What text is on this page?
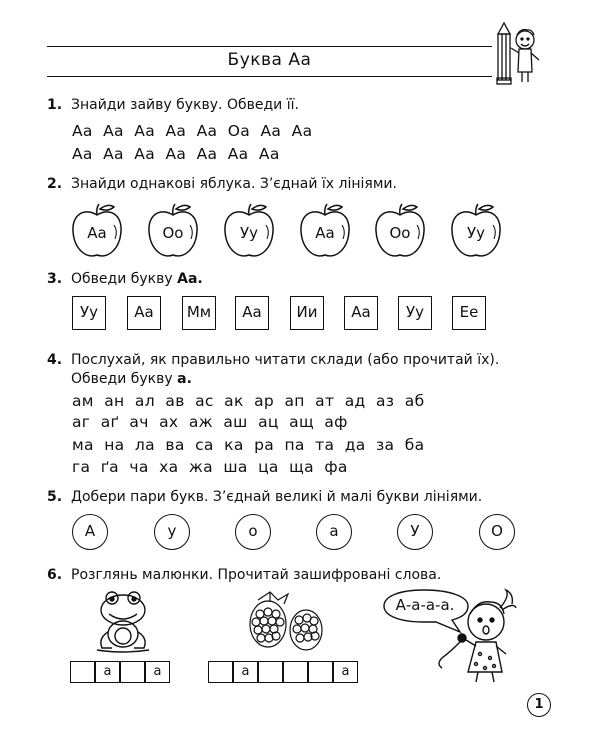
Буква Аа
1. Знайди зайву букву. Обведи її.
Аа  Аа  Аа  Аа  Аа  Оа  Аа  Аа
Аа  Аа  Аа  Аа  Аа  Аа  Аа
2. Знайди однакові яблука. З’єднай їх лініями.
Аа	Оо	Уу	Аа	Оо	Уу
3. Обведи букву Аа.
Уу	Аа	Мм	Аа	Ии	Аа	Уу	Ее
4. Послухай, як правильно читати склади (або прочитай їх).
Обведи букву а.
ам  ан  ал  ав  ас  ак  ар  ап  ат  ад  аз  аб
аг  аґ  ач  ах  аж  аш  ац  ащ  аф
ма  на  ла  ва  са  ка  ра  па  та  да  за  ба
га  ґа  ча  ха  жа  ша  ца  ща  фа
5. Добери пари букв. З’єднай великі й малі букви лініями.
А	у	о	а	У	О
6. Розглянь малюнки. Прочитай зашифровані слова.
А-а-а-а.
а	а	а	а
1
